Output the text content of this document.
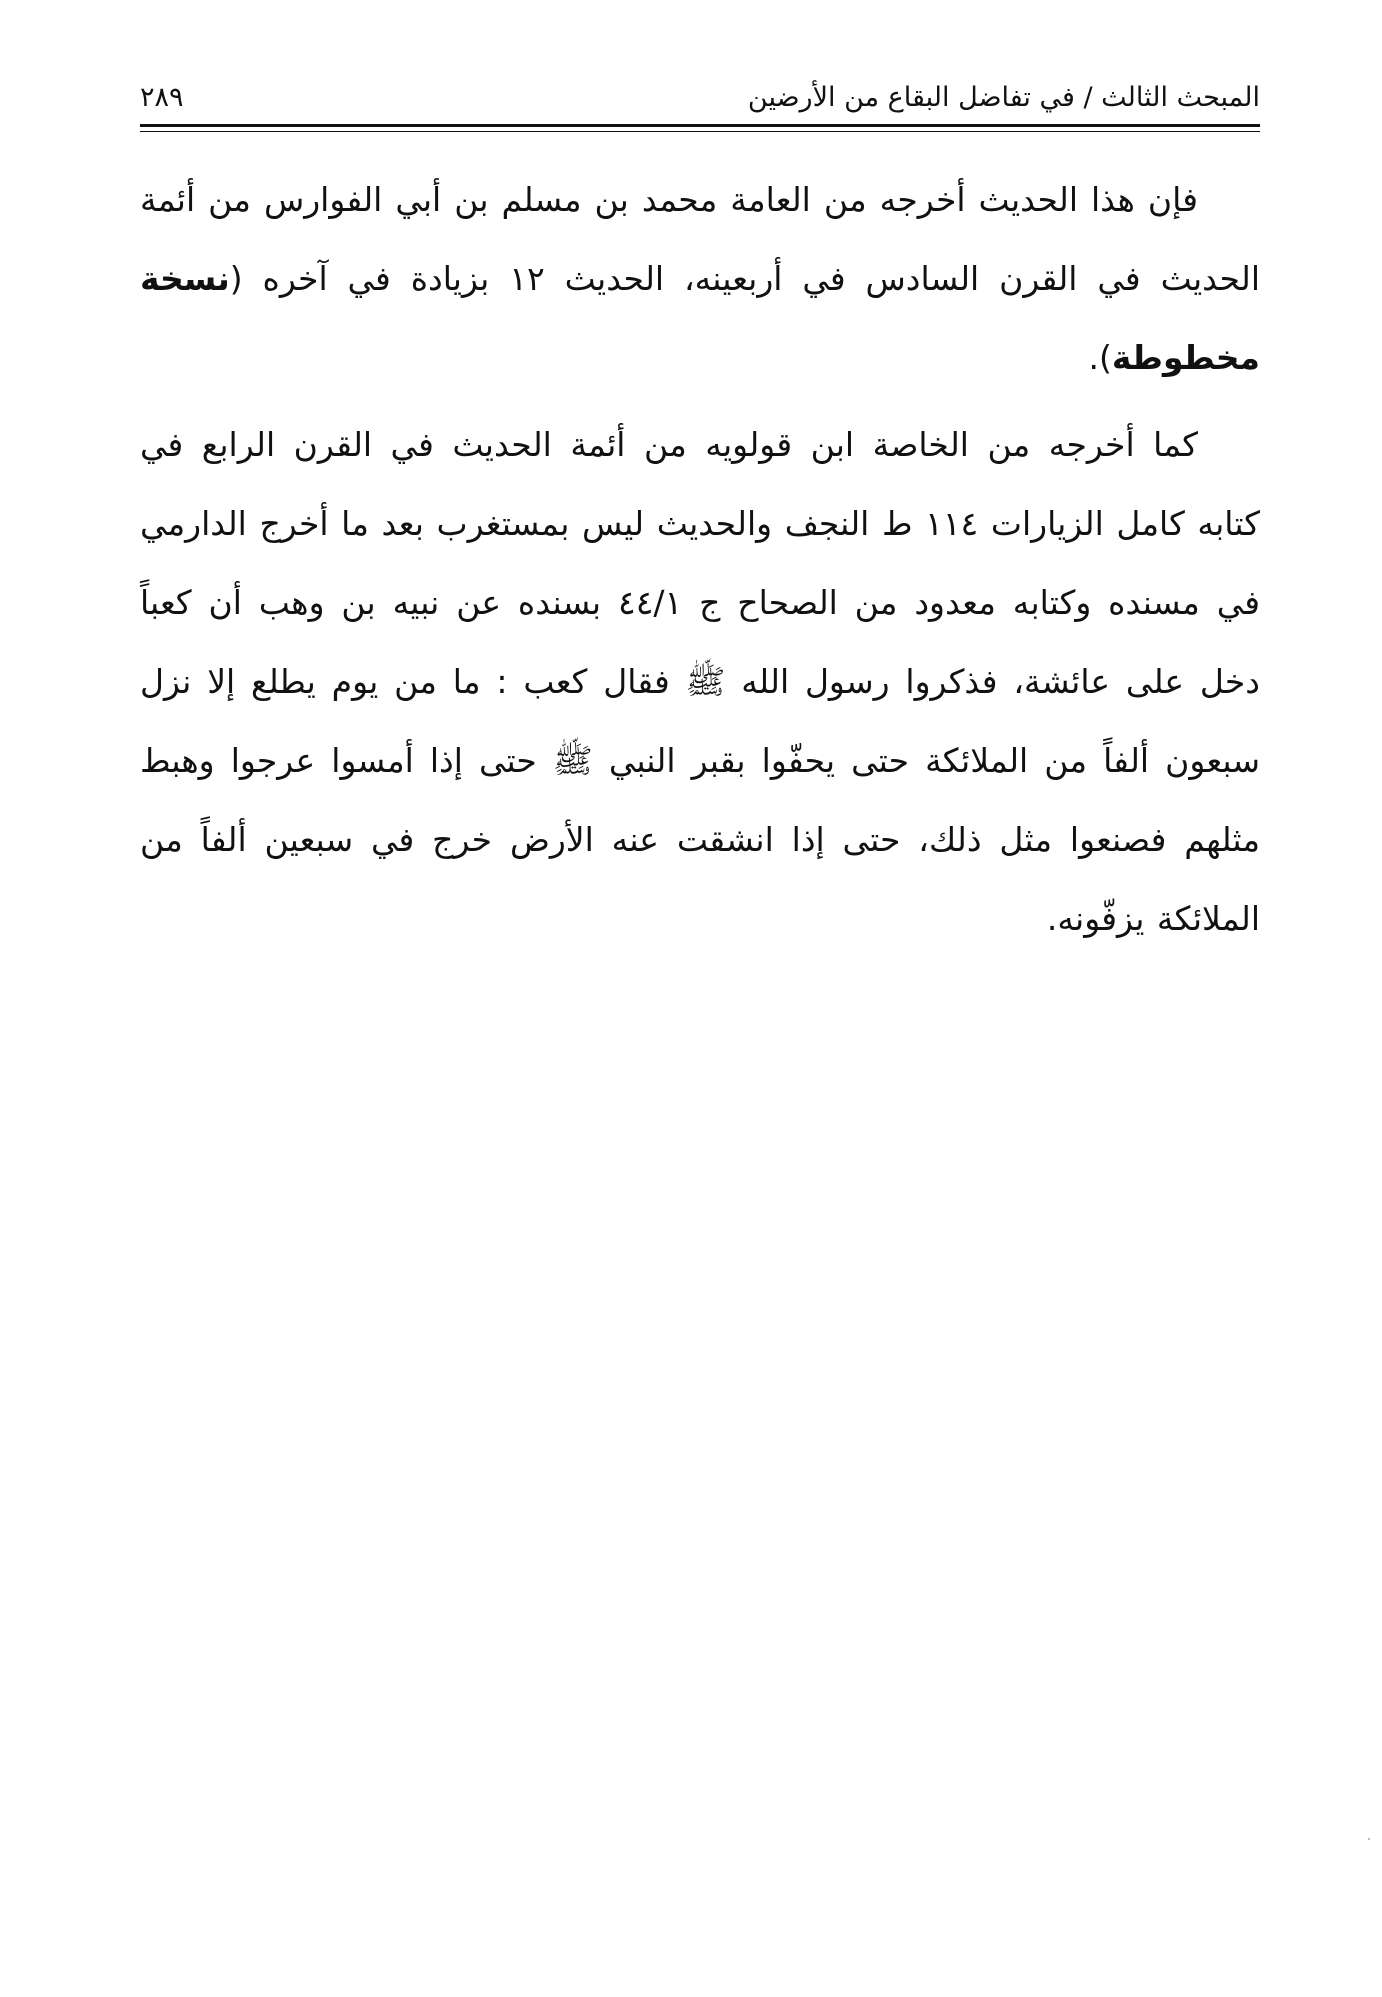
المبحث الثالث / في تفاضل البقاع من الأرضين
٢٨٩

فإن هذا الحديث أخرجه من العامة محمد بن مسلم بن أبي الفوارس من أئمة الحديث في القرن السادس في أربعينه، الحديث ١٢ بزيادة في آخره (نسخة مخطوطة).

كما أخرجه من الخاصة ابن قولويه من أئمة الحديث في القرن الرابع في كتابه كامل الزيارات ١١٤ ط النجف والحديث ليس بمستغرب بعد ما أخرج الدارمي في مسنده وكتابه معدود من الصحاح ج ٤٤/١ بسنده عن نبيه بن وهب أن كعباً دخل على عائشة، فذكروا رسول الله ﷺ فقال كعب : ما من يوم يطلع إلا نزل سبعون ألفاً من الملائكة حتى يحفّوا بقبر النبي ﷺ حتى إذا أمسوا عرجوا وهبط مثلهم فصنعوا مثل ذلك، حتى إذا انشقت عنه الأرض خرج في سبعين ألفاً من الملائكة يزفّونه.
